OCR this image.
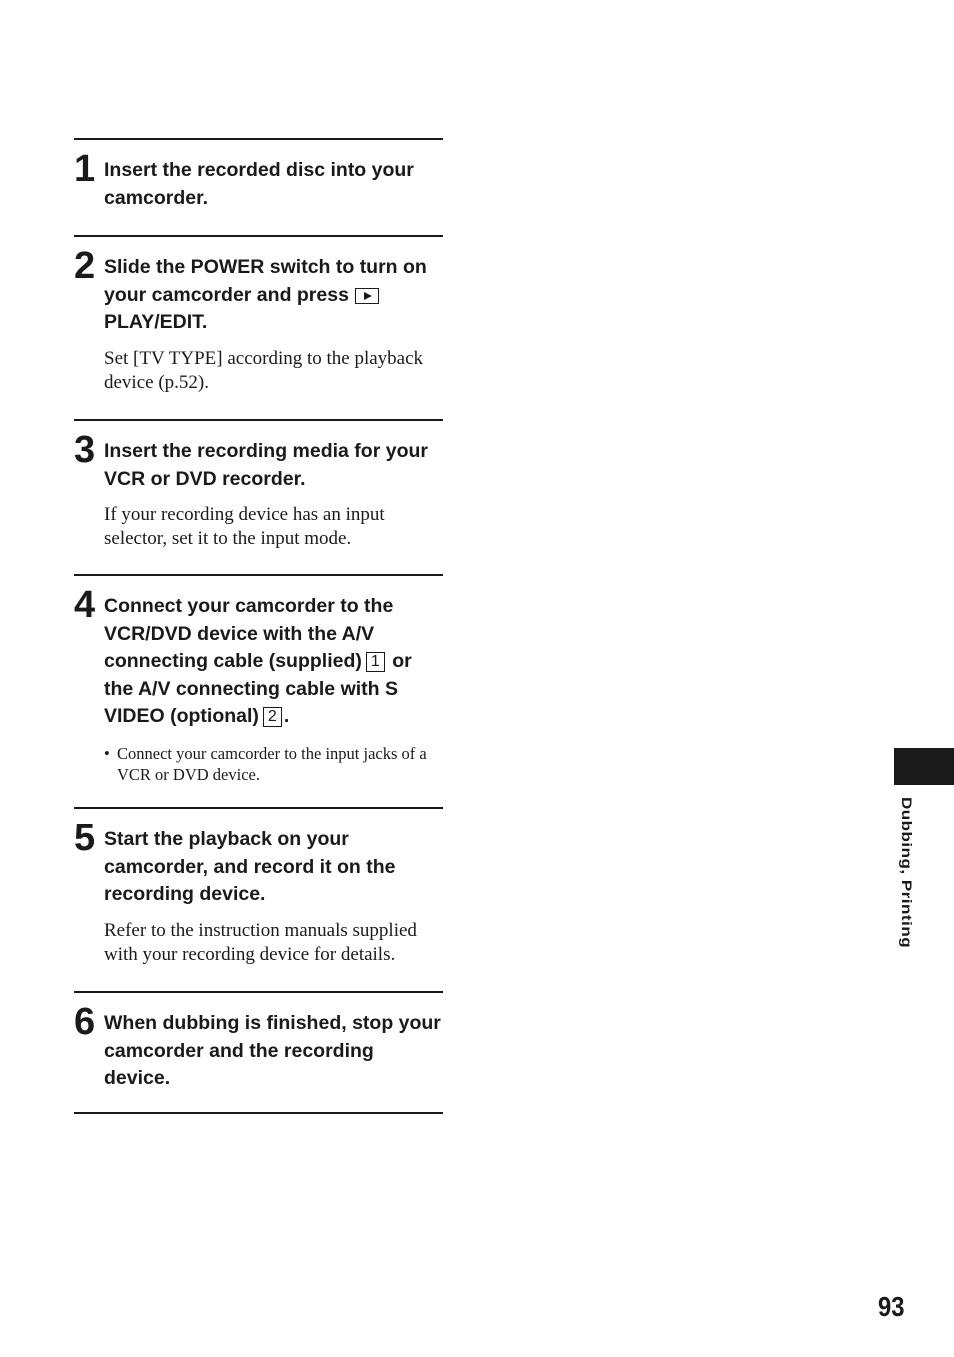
1 Insert the recorded disc into your camcorder.
2 Slide the POWER switch to turn on your camcorder and press PLAY/EDIT.
Set [TV TYPE] according to the playback device (p.52).
3 Insert the recording media for your VCR or DVD recorder.
If your recording device has an input selector, set it to the input mode.
4 Connect your camcorder to the VCR/DVD device with the A/V connecting cable (supplied) 1 or the A/V connecting cable with S VIDEO (optional) 2 .
• Connect your camcorder to the input jacks of a VCR or DVD device.
5 Start the playback on your camcorder, and record it on the recording device.
Refer to the instruction manuals supplied with your recording device for details.
6 When dubbing is finished, stop your camcorder and the recording device.
Dubbing, Printing
93
